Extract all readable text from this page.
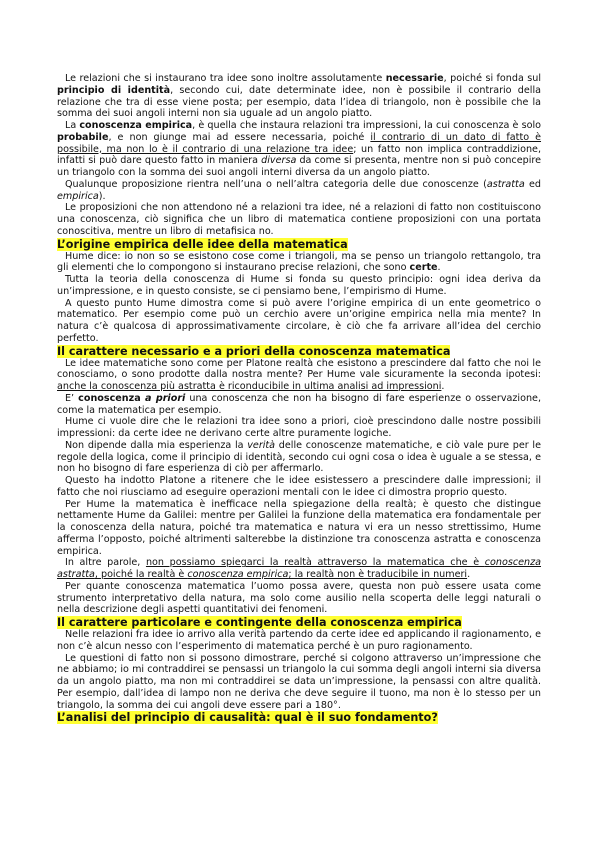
Le relazioni che si instaurano tra idee sono inoltre assolutamente necessarie, poiché si fonda sul principio di identità, secondo cui, date determinate idee, non è possibile il contrario della relazione che tra di esse viene posta; per esempio, data l’idea di triangolo, non è possibile che la somma dei suoi angoli interni non sia uguale ad un angolo piatto.

La conoscenza empirica, è quella che instaura relazioni tra impressioni, la cui conoscenza è solo probabile, e non giunge mai ad essere necessaria, poiché il contrario di un dato di fatto è possibile, ma non lo è il contrario di una relazione tra idee; un fatto non implica contraddizione, infatti si può dare questo fatto in maniera diversa da come si presenta, mentre non si può concepire un triangolo con la somma dei suoi angoli interni diversa da un angolo piatto.

Qualunque proposizione rientra nell’una o nell’altra categoria delle due conoscenze (astratta ed empirica).

Le proposizioni che non attendono né a relazioni tra idee, né a relazioni di fatto non costituiscono una conoscenza, ciò significa che un libro di matematica contiene proposizioni con una portata conoscitiva, mentre un libro di metafisica no.

L’origine empirica delle idee della matematica

Hume dice: io non so se esistono cose come i triangoli, ma se penso un triangolo rettangolo, tra gli elementi che lo compongono si instaurano precise relazioni, che sono certe.

Tutta la teoria della conoscenza di Hume si fonda su questo principio: ogni idea deriva da un’impressione, e in questo consiste, se ci pensiamo bene, l’empirismo di Hume.

A questo punto Hume dimostra come si può avere l’origine empirica di un ente geometrico o matematico. Per esempio come può un cerchio avere un’origine empirica nella mia mente? In natura c’è qualcosa di approssimativamente circolare, è ciò che fa arrivare all’idea del cerchio perfetto.

Il carattere necessario e a priori della conoscenza matematica

Le idee matematiche sono come per Platone realtà che esistono a prescindere dal fatto che noi le conosciamo, o sono prodotte dalla nostra mente? Per Hume vale sicuramente la seconda ipotesi: anche la conoscenza più astratta è riconducibile in ultima analisi ad impressioni.

E’ conoscenza a priori una conoscenza che non ha bisogno di fare esperienze o osservazione, come la matematica per esempio.

Hume ci vuole dire che le relazioni tra idee sono a priori, cioè prescindono dalle nostre possibili impressioni: da certe idee ne derivano certe altre puramente logiche.

Non dipende dalla mia esperienza la verità delle conoscenze matematiche, e ciò vale pure per le regole della logica, come il principio di identità, secondo cui ogni cosa o idea è uguale a se stessa, e non ho bisogno di fare esperienza di ciò per affermarlo.

Questo ha indotto Platone a ritenere che le idee esistessero a prescindere dalle impressioni; il fatto che noi riusciamo ad eseguire operazioni mentali con le idee ci dimostra proprio questo.

Per Hume la matematica è inefficace nella spiegazione della realtà; è questo che distingue nettamente Hume da Galilei: mentre per Galilei la funzione della matematica era fondamentale per la conoscenza della natura, poiché tra matematica e natura vi era un nesso strettissimo, Hume afferma l’opposto, poiché altrimenti salterebbe la distinzione tra conoscenza astratta e conoscenza empirica.

In altre parole, non possiamo spiegarci la realtà attraverso la matematica che è conoscenza astratta, poiché la realtà è conoscenza empirica; la realtà non è traducibile in numeri.

Per quante conoscenza matematica l’uomo possa avere, questa non può essere usata come strumento interpretativo della natura, ma solo come ausilio nella scoperta delle leggi naturali o nella descrizione degli aspetti quantitativi dei fenomeni.

Il carattere particolare e contingente della conoscenza empirica

Nelle relazioni fra idee io arrivo alla verità partendo da certe idee ed applicando il ragionamento, e non c’è alcun nesso con l’esperimento di matematica perché è un puro ragionamento.

Le questioni di fatto non si possono dimostrare, perché si colgono attraverso un’impressione che ne abbiamo; io mi contraddirei se pensassi un triangolo la cui somma degli angoli interni sia diversa da un angolo piatto, ma non mi contraddirei se data un’impressione, la pensassi con altre qualità. Per esempio, dall’idea di lampo non ne deriva che deve seguire il tuono, ma non è lo stesso per un triangolo, la somma dei cui angoli deve essere pari a 180°.

L’analisi del principio di causalità: qual è il suo fondamento?
